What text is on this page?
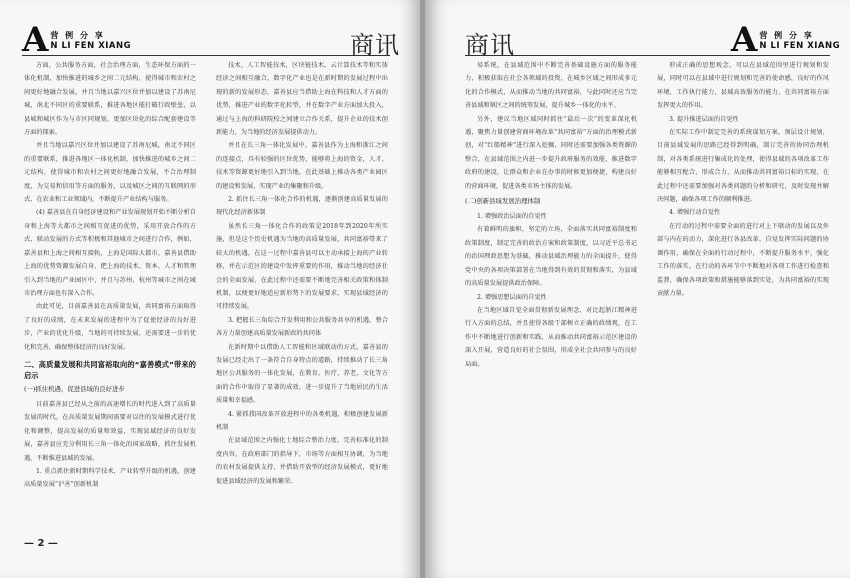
A 营 例 分 享
N LI FEN XIANG	商讯

方面，公共服务方面，社会治理方面，生态环保方面的一体化机制，加快推进的城乡之间二元结构，使得城市和农村之间更好地融合发展，并且当地以嘉兴区位并加以建设了苏南尼城，南北不同区的重要联系，推进各地区能打破行政壁垒，以县城和城区作为与市区同规划，更加区块化的综合配套建设等方面的探索。

并且当地以嘉兴区位并加以建设了苏南尼城，南北不同区的重要联系，推进各地区一体化机制，加快推进的城乡之间二元结构，使得城市和农村之间更好地融合发展，不合治理制度，为交易和信用等方面的服务，以及城区之间的互联网的形式，在农业和工业领域内，不断提升产业结构与服务。

(4) 嘉善县在自身经济建设和产业发展规划开始不断分析自身和上海等大都市之间相互促进的优势，采用开放合作的方式，联动发展的方式等积极和其他城市之间进行合作，例如，嘉善县和上海之间相互接轨，上海是国际大都市，嘉善县借助上海的优势资源发展自身，把上海的技术、资本、人才和管理引入到当地的产业园区中，并且与苏州、杭州等城市之间在城市治理方面也有深入合作。

由此可见，目前嘉善县在高质量发展，共同富裕方面取得了良好的成绩，在未来发展的进程中为了促使经济的良好进步，产业的优化升级，当地的可持续发展，还需要进一步的优化和完善，确保整体经济的良好发展。

二、高质量发展和共同富裕取向的“嘉善模式”带来的启示
(一)抓住机遇，促进县域的良好进步

目前嘉善县已经从之前的高速增长的时代进入到了高质量发展的时代，在高质量发展期间需要对以往的发展模式进行优化和调整，提高发展的质量和效益，实现县域经济的良好发展，嘉善县应充分利用长三角一体化的国家战略，抓住发展机遇，不断推进县域的发展。

1. 重点抓住新时期科学技术，产业转型升级的机遇，创建高质量发展“沪善”创新机制

技术，人工智能技术，区块链技术，云计算技术等和实体经济之间相互融合，数字化产业也是在新时期的发展过程中出现的新的发展形态，嘉善县应当借助上海在科技和人才方面的优势，推进产业的数字化转型，并在数字产业方面加大投入，通过与上海的科研院校之间建立合作关系，提升企业的技术创新能力，为当地的经济发展提供动力。

并且在长三角一体化发展中，嘉善县作为上海和浙江之间的连接点，具有较强的区位优势，能够将上海的资金，人才，技术等资源更好地引入到当地，在此基础上推动各类产业园区的建设和发展，实现产业的集聚和升级。

2. 抓住长三角一体化合作的机遇，逐渐创建高质量发展的现代化经济新体制

虽然长三角一体化合作的政策是2018年到2020年所实施，但是这个历史机遇为当地的高质量发展，共同富裕带来了较大的机遇，在这一过程中嘉善县可以主动承接上海的产业转移，并在示范区的建设中发挥重要的作用，推动当地的经济社会的全面发展，在此过程中还需要不断地完善相关政策和体制机制，以便更好地适应新形势下的发展要求，实现县域经济的可持续发展。

3. 把握长三角综合开发利用和公共服务共享的机遇，整合各方力量创建高质量发展新政的共同体

在新时期中以借助人工智能和区域联动的方式，嘉善县的发展已经走出了一条符合自身特点的道路，持续推动了长三角地区公共服务的一体化发展，在教育，医疗，养老，文化等方面的合作中取得了显著的成效，进一步提升了当地居民的生活质量和幸福感。

4. 紧抓我国改革开放进程中的各类机遇，积极创建发展新机制

在县域范围之内强化土地综合整治力度，完善标准化的制度内容，在政府部门的指导下，市场等方面相互协调，为当地的农村发展提供支持，并借助开放型的经济发展模式，更好地促进县域经济的发展和繁荣。

— 2 —
商讯	A 营 例 分 享
N LI FEN XIANG

易系统，在县域范围中不断完善基础设施方面的服务能力，积极获取在社会各领域的投资，在城乡区域之间形成多元化的合作模式，从而推动当地的共同富裕，与此同时还应当完善县域和镇区之间的统筹发展，提升城乡一体化的水平。

另外，建议当地区域同时抓住“最后一次”的变革深化机遇，聚焦力量创建营商环境改革“共同富裕”方面的治理模式新创，对“红船精神”进行深入挖掘，同时还需要加强各类资源的整合，在县域范围之内进一步提升政府服务的效能，推进数字政府的建设，让群众和企业在办事的时候更加便捷，构建良好的营商环境，促进各类市场主体的发展。

(二)创新县域发展治理体制

1. 增强政治层面的自觉性

有着鲜明的旗帜，坚定的立场，全面落实共同富裕制度和政策制度，制定完善的政治方案和政策制度，以习近平总书记的治国理政思想为基础，推动县域治理能力的全面提升，使得党中央的各项决策部署在当地得到有效的贯彻和落实，为县域的高质量发展提供政治保障。

2. 增强思想层面的自觉性

在当地区域自觉全面贯彻新发展理念，对比起浙江精神进行入方面的总结，并且使得各级干部树立正确的政绩观，在工作中不断地进行创新和实践，从而推动共同富裕示范区建设的深入开展，营造良好的社会氛围，形成全社会共同参与的良好局面。

形成正确的思想观念，可以在县域范围里进行规划和发展，同时可以在县域中进行规划和完善的使命感，良好的作风环境，工作执行能力，县域高效服务的能力，在共同富裕方面发挥更大的作用。

3. 提升推进层面的自觉性

在实际工作中制定完善的系统谋划方案，须层设计规划，目前县域发展的思路已经得到明确，制订完善的协同治理机制，对各类系统进行集成化的处理，使得县域的各项改革工作能够相互配合，形成合力，从而推动共同富裕目标的实现，在此过程中还需要加强对各类问题的分析和研究，及时发现并解决问题，确保各项工作的顺利推进。

4. 增强行动自觉性

在行动的过程中需要全面的进行对上下联动的发展以及外部与内在的动力，深化进行各县改革，自觉发挥实际问题的协调作用，确保在全面的行动过程中，不断提升服务水平，强化工作的落实，在行动的各环节中不断地对各项工作进行检查和监督，确保各项政策和措施能够落到实处，为共同富裕的实现贡献力量。
